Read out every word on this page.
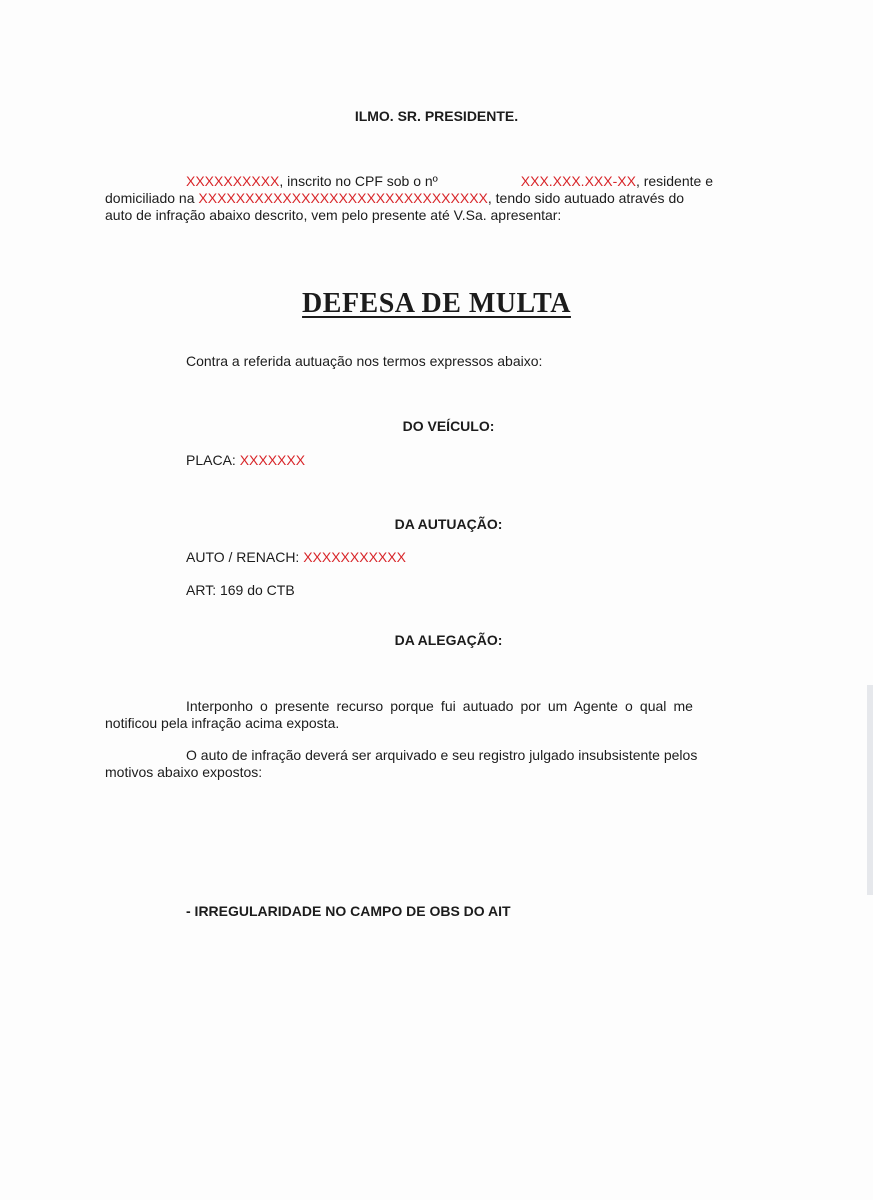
ILMO. SR. PRESIDENTE.
XXXXXXXXXX, inscrito no CPF sob o nº	XXX.XXX.XXX-XX, residente e
domiciliado na XXXXXXXXXXXXXXXXXXXXXXXXXXXXXXX, tendo sido autuado através do
auto de infração abaixo descrito, vem pelo presente até V.Sa. apresentar:
DEFESA DE MULTA
Contra a referida autuação nos termos expressos abaixo:
DO VEÍCULO:
PLACA: XXXXXXX
DA AUTUAÇÃO:
AUTO / RENACH: XXXXXXXXXXX
ART: 169 do CTB
DA ALEGAÇÃO:
Interponho o presente recurso porque fui autuado por um Agente o qual me
notificou pela infração acima exposta.
O auto de infração deverá ser arquivado e seu registro julgado insubsistente pelos
motivos abaixo expostos:
- IRREGULARIDADE NO CAMPO DE OBS DO AIT
